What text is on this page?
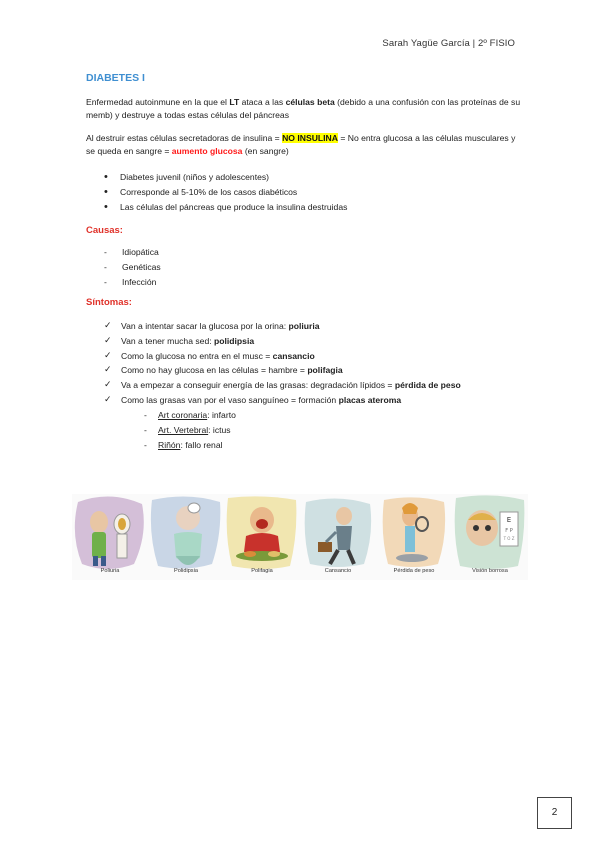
Sarah Yagüe García | 2º FISIO
DIABETES I
Enfermedad autoinmune en la que el LT ataca a las células beta (debido a una confusión con las proteínas de su memb) y destruye a todas estas células del páncreas
Al destruir estas células secretadoras de insulina = NO INSULINA = No entra glucosa a las células musculares y se queda en sangre = aumento glucosa (en sangre)
• Diabetes juvenil (niños y adolescentes)
• Corresponde al 5-10% de los casos diabéticos
• Las células del páncreas que produce la insulina destruidas
Causas:
- Idiopática
- Genéticas
- Infección
Síntomas:
✓ Van a intentar sacar la glucosa por la orina: poliuria
✓ Van a tener mucha sed: polidipsia
✓ Como la glucosa no entra en el musc = cansancio
✓ Como no hay glucosa en las células = hambre = polifagia
✓ Va a empezar a conseguir energía de las grasas: degradación lípidos = pérdida de peso
✓ Como las grasas van por el vaso sanguíneo = formación placas ateroma
- Art coronaria: infarto
- Art. Vertebral: ictus
- Riñón: fallo renal
Poliuria	Polidipsia	Polifagia	Cansancio	Pérdida de peso
E
F P
T O Z
Visión borrosa
2
